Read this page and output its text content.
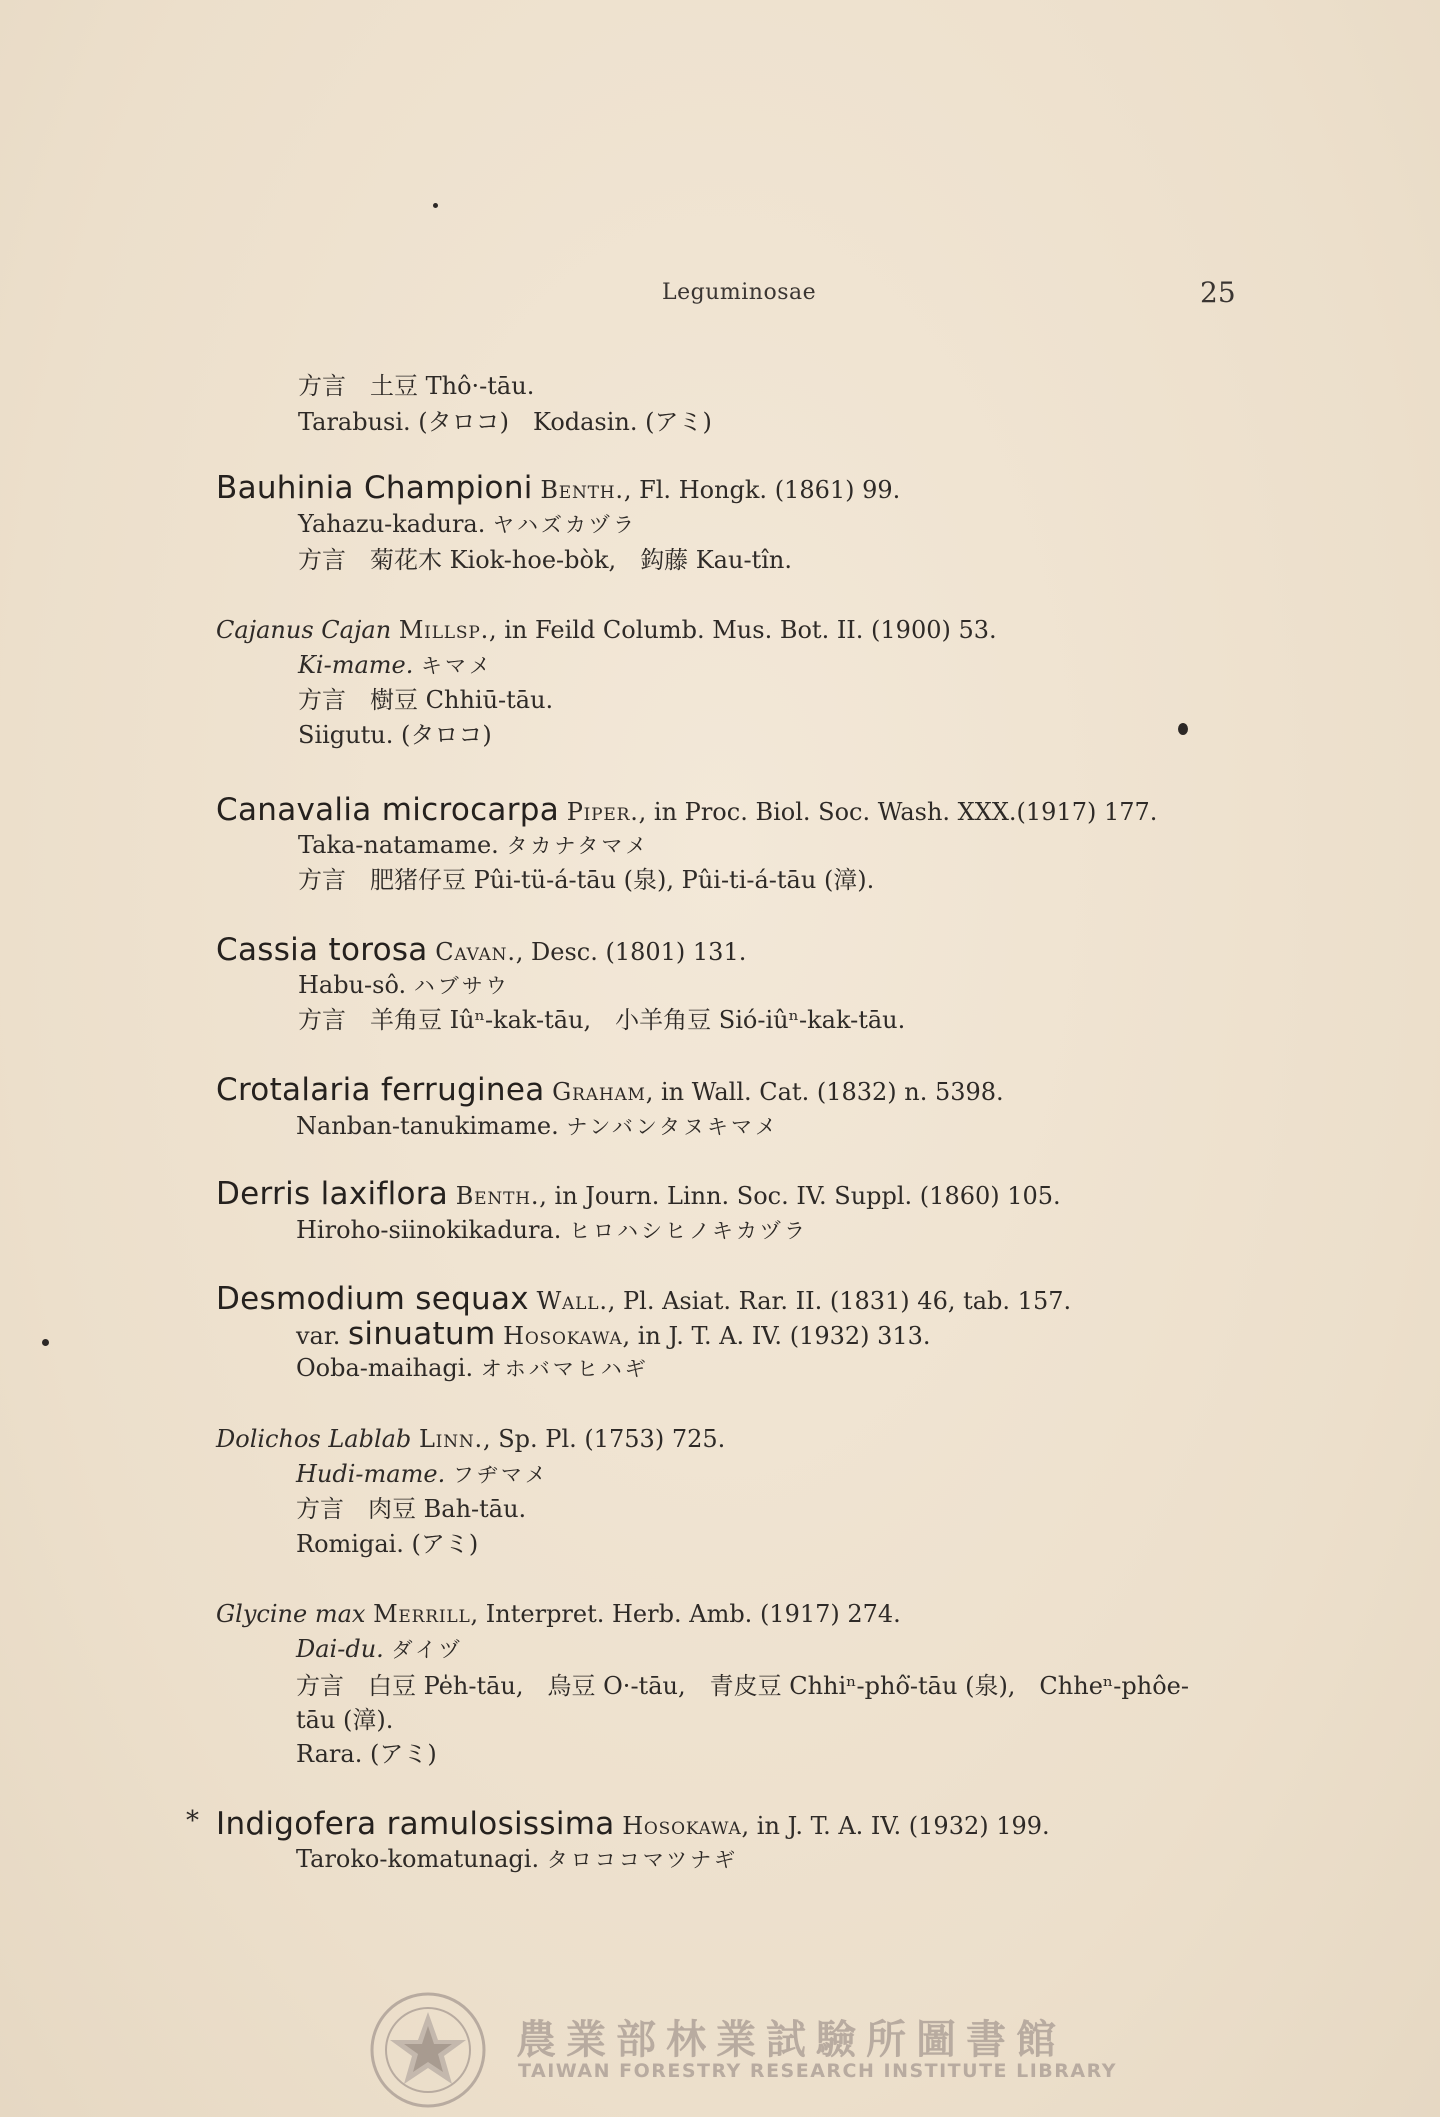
Leguminosae	25
方言　土豆 Thô·-tāu.
Tarabusi. (タロコ)　Kodasin. (アミ)
Bauhinia Championi Benth., Fl. Hongk. (1861) 99.
Yahazu-kadura. ヤハズカヅラ
方言　菊花木 Kiok-hoe-bòk,　鈎藤 Kau-tîn.
Cajanus Cajan Millsp., in Feild Columb. Mus. Bot. II. (1900) 53.
Ki-mame. キマメ
方言　樹豆 Chhiū-tāu.
Siigutu. (タロコ)
Canavalia microcarpa Piper., in Proc. Biol. Soc. Wash. XXX.(1917) 177.
Taka-natamame. タカナタマメ
方言　肥猪仔豆 Pûi-tü-á-tāu (泉), Pûi-ti-á-tāu (漳).
Cassia torosa Cavan., Desc. (1801) 131.
Habu-sô. ハブサウ
方言　羊角豆 Iûⁿ-kak-tāu,　小羊角豆 Sió-iûⁿ-kak-tāu.
Crotalaria ferruginea Graham, in Wall. Cat. (1832) n. 5398.
Nanban-tanukimame. ナンバンタヌキマメ
Derris laxiflora Benth., in Journ. Linn. Soc. IV. Suppl. (1860) 105.
Hiroho-siinokikadura. ヒロハシヒノキカヅラ
Desmodium sequax Wall., Pl. Asiat. Rar. II. (1831) 46, tab. 157.
var. sinuatum Hosokawa, in J. T. A. IV. (1932) 313.
Ooba-maihagi. オホバマヒハギ
Dolichos Lablab Linn., Sp. Pl. (1753) 725.
Hudi-mame. フヂマメ
方言　肉豆 Bah-tāu.
Romigai. (アミ)
Glycine max Merrill, Interpret. Herb. Amb. (1917) 274.
Dai-du. ダイヅ
方言　白豆 Pe̍h-tāu,　烏豆 O·-tāu,　青皮豆 Chhiⁿ-phô͘-tāu (泉),　Chheⁿ-phôe-
tāu (漳).
Rara. (アミ)
* Indigofera ramulosissima Hosokawa, in J. T. A. IV. (1932) 199.
Taroko-komatunagi. タロココマツナギ
農業部林業試驗所圖書館
TAIWAN FORESTRY RESEARCH INSTITUTE LIBRARY
